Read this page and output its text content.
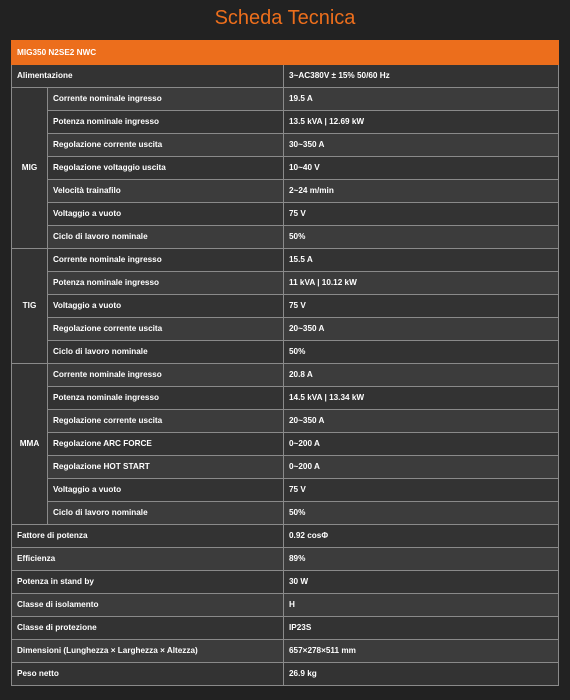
Scheda Tecnica
MIG350 N2SE2 NWC		
Alimentazione		3~AC380V ± 15% 50/60 Hz
MIG	Corrente nominale ingresso	19.5 A
	Potenza nominale ingresso	13.5 kVA | 12.69 kW
	Regolazione corrente uscita	30~350 A
	Regolazione voltaggio uscita	10~40 V
	Velocità trainafilo	2~24 m/min
	Voltaggio a vuoto	75 V
	Ciclo di lavoro nominale	50%
TIG	Corrente nominale ingresso	15.5 A
	Potenza nominale ingresso	11 kVA | 10.12 kW
	Voltaggio a vuoto	75 V
	Regolazione corrente uscita	20~350 A
	Ciclo di lavoro nominale	50%
MMA	Corrente nominale ingresso	20.8 A
	Potenza nominale ingresso	14.5 kVA | 13.34 kW
	Regolazione corrente uscita	20~350 A
	Regolazione ARC FORCE	0~200 A
	Regolazione HOT START	0~200 A
	Voltaggio a vuoto	75 V
	Ciclo di lavoro nominale	50%
Fattore di potenza		0.92 cosΦ
Efficienza		89%
Potenza in stand by		30 W
Classe di isolamento		H
Classe di protezione		IP23S
Dimensioni (Lunghezza × Larghezza × Altezza)		657×278×511 mm
Peso netto		26.9 kg
